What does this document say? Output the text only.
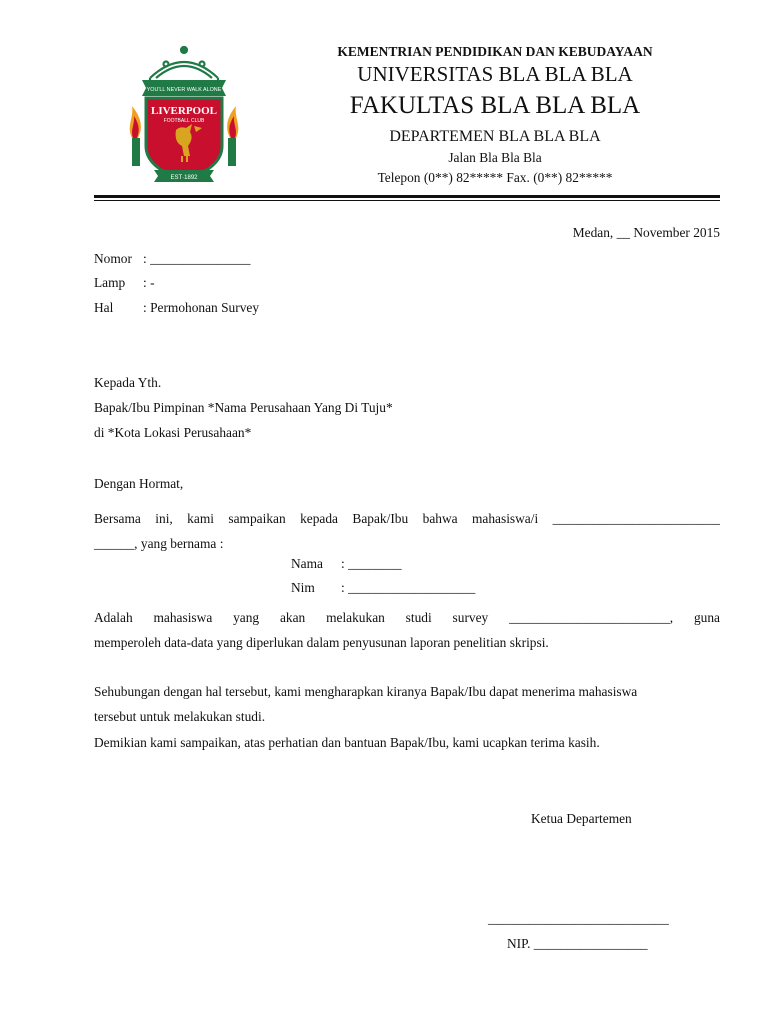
YOU'LL NEVER WALK ALONE
LIVERPOOL
FOOTBALL CLUB
EST·1892
KEMENTRIAN PENDIDIKAN DAN KEBUDAYAAN
UNIVERSITAS BLA BLA BLA
FAKULTAS BLA BLA BLA
DEPARTEMEN BLA BLA BLA
Jalan Bla Bla Bla
Telepon (0**) 82***** Fax. (0**) 82*****
Medan, __ November 2015
Nomor : _______________
Lamp : -
Hal : Permohonan Survey
Kepada Yth.
Bapak/Ibu Pimpinan *Nama Perusahaan Yang Di Tuju*
di *Kota Lokasi Perusahaan*
Dengan Hormat,
Bersama ini, kami sampaikan kepada Bapak/Ibu bahwa mahasiswa/i _________________________
______, yang bernama :
Nama : ________
Nim : ___________________
Adalah mahasiswa yang akan melakukan studi survey ________________________, guna
memperoleh data-data yang diperlukan dalam penyusunan laporan penelitian skripsi.
Sehubungan dengan hal tersebut, kami mengharapkan kiranya Bapak/Ibu dapat menerima mahasiswa
tersebut untuk melakukan studi.
Demikian kami sampaikan, atas perhatian dan bantuan Bapak/Ibu, kami ucapkan terima kasih.
Ketua Departemen
___________________________
NIP. _________________
